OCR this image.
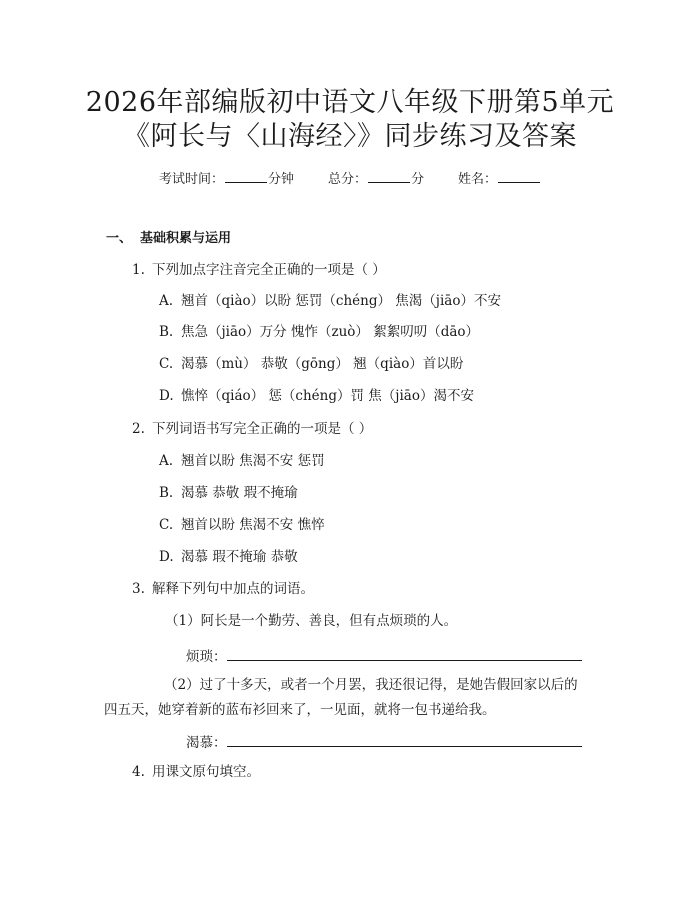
2026年部编版初中语文八年级下册第5单元
《阿长与〈山海经〉》同步练习及答案
考试时间：	分钟	总分：	分	姓名：
一、 基础积累与运用
1. 下列加点字注音完全正确的一项是（ ）
A. 翘首（qiào）以盼 惩罚（chéng） 焦渴（jiāo）不安
B. 焦急（jiāo）万分 愧怍（zuò） 絮絮叨叨（dāo）
C. 渴慕（mù） 恭敬（gōng） 翘（qiào）首以盼
D. 憔悴（qiáo） 惩（chéng）罚 焦（jiāo）渴不安
2. 下列词语书写完全正确的一项是（ ）
A. 翘首以盼 焦渴不安 惩罚
B. 渴慕 恭敬 瑕不掩瑜
C. 翘首以盼 焦渴不安 憔悴
D. 渴慕 瑕不掩瑜 恭敬
3. 解释下列句中加点的词语。
（1）阿长是一个勤劳、善良，但有点烦琐的人。
烦琐：
（2）过了十多天，或者一个月罢，我还很记得，是她告假回家以后的四五天，她穿着新的蓝布衫回来了，一见面，就将一包书递给我。
渴慕：
4. 用课文原句填空。
